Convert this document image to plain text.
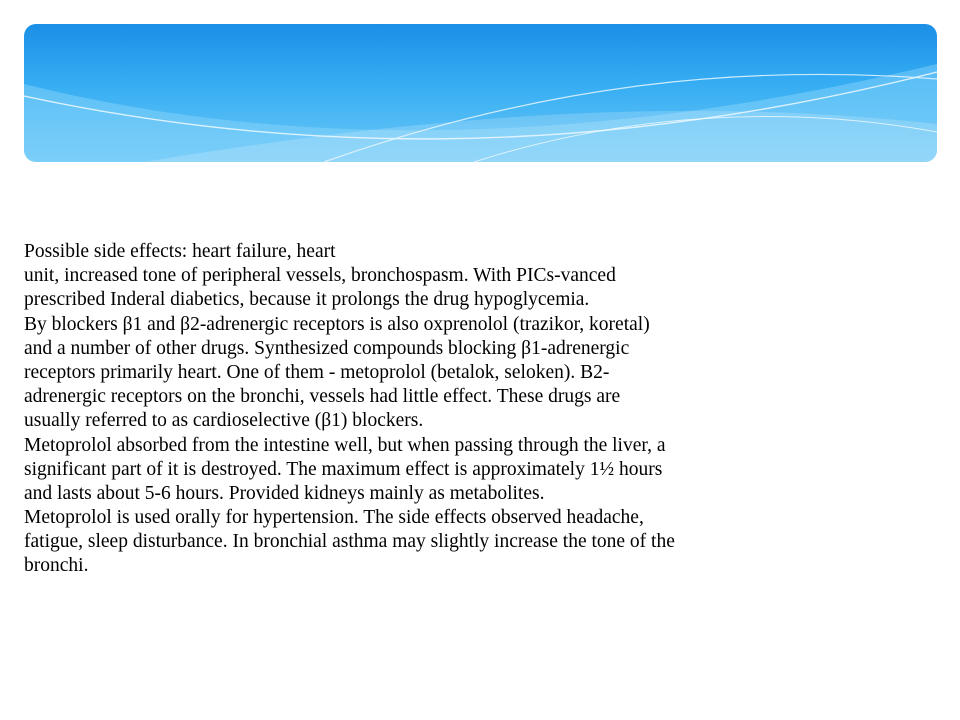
Possible side effects: heart failure, heart
unit, increased tone of peripheral vessels, bronchospasm. With PICs-vanced
prescribed Inderal diabetics, because it prolongs the drug hypoglycemia.
By blockers β1 and β2-adrenergic receptors is also oxprenolol (trazikor, koretal)
and a number of other drugs. Synthesized compounds blocking β1-adrenergic
receptors primarily heart. One of them - metoprolol (betalok, seloken). B2-
adrenergic receptors on the bronchi, vessels had little effect. These drugs are
usually referred to as cardioselective (β1) blockers.
Metoprolol absorbed from the intestine well, but when passing through the liver, a
significant part of it is destroyed. The maximum effect is approximately 1½ hours
and lasts about 5-6 hours. Provided kidneys mainly as metabolites.
Metoprolol is used orally for hypertension. The side effects observed headache,
fatigue, sleep disturbance. In bronchial asthma may slightly increase the tone of the
bronchi.
